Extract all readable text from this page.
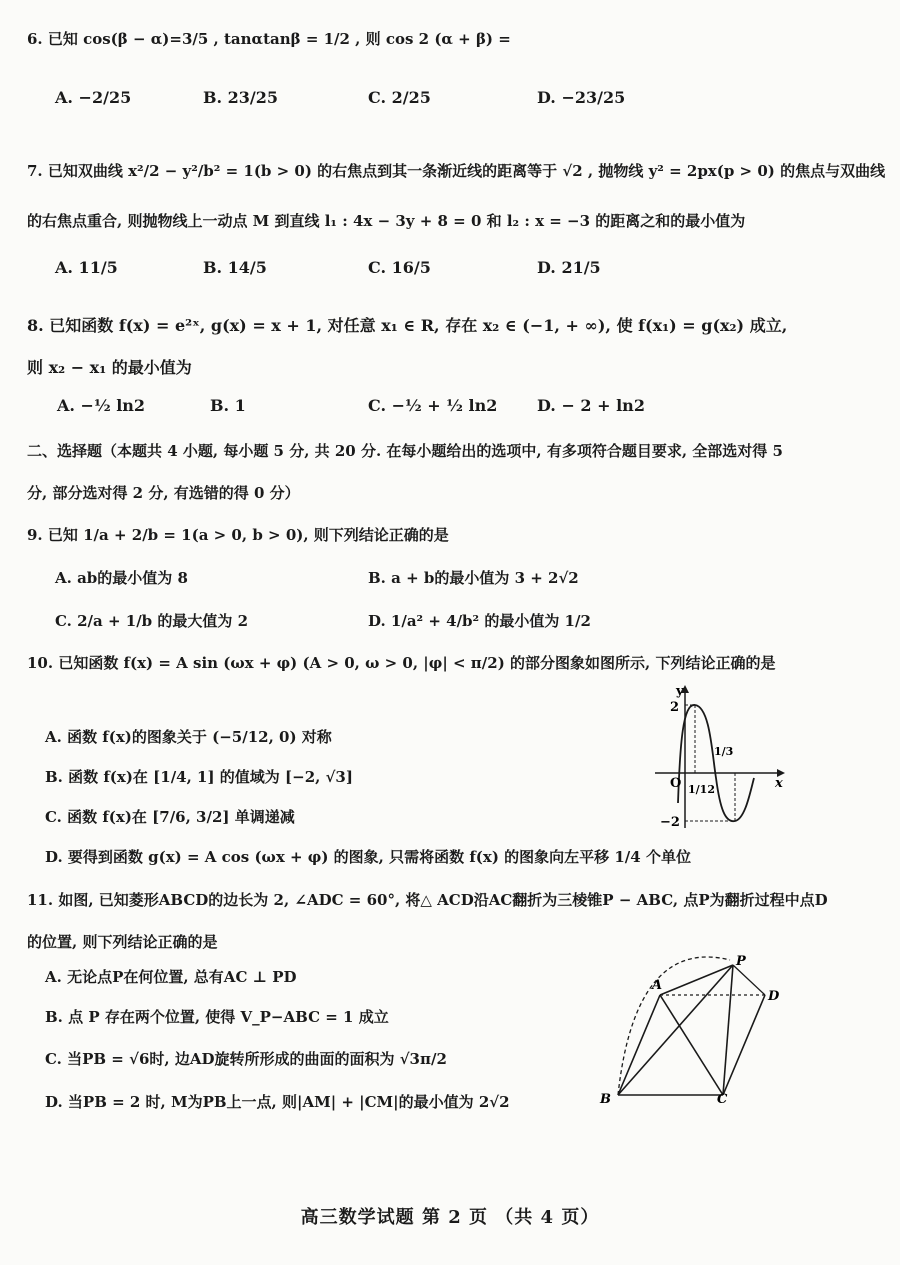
6. 已知 cos(β − α)=3/5 , tanαtanβ = 1/2 , 则 cos 2 (α + β) =
A. −2/25	B. 23/25	C. 2/25	D. −23/25
7. 已知双曲线 x²/2 − y²/b² = 1(b > 0) 的右焦点到其一条渐近线的距离等于 √2 , 抛物线 y² = 2px(p > 0) 的焦点与双曲线
的右焦点重合, 则抛物线上一动点 M 到直线 l₁ : 4x − 3y + 8 = 0 和 l₂ : x = −3 的距离之和的最小值为
A. 11/5	B. 14/5	C. 16/5	D. 21/5
8. 已知函数 f(x) = e²ˣ, g(x) = x + 1, 对任意 x₁ ∈ R, 存在 x₂ ∈ (−1, + ∞), 使 f(x₁) = g(x₂) 成立,
则 x₂ − x₁ 的最小值为
A. −½ ln2	B. 1	C. −½ + ½ ln2 D. − 2 + ln2
二、选择题（本题共 4 小题, 每小题 5 分, 共 20 分. 在每小题给出的选项中, 有多项符合题目要求, 全部选对得 5
分, 部分选对得 2 分, 有选错的得 0 分）
9. 已知 1/a + 2/b = 1(a > 0, b > 0), 则下列结论正确的是
A. ab的最小值为 8	B. a + b的最小值为 3 + 2√2
C. 2/a + 1/b 的最大值为 2	D. 1/a² + 4/b² 的最小值为 1/2
10. 已知函数 f(x) = A sin (ωx + φ) (A > 0, ω > 0, |φ| < π/2) 的部分图象如图所示, 下列结论正确的是
A. 函数 f(x)的图象关于 (−5/12, 0) 对称
B. 函数 f(x)在 [1/4, 1] 的值域为 [−2, √3]
C. 函数 f(x)在 [7/6, 3/2] 单调递减
D. 要得到函数 g(x) = A cos (ωx + φ) 的图象, 只需将函数 f(x) 的图象向左平移 1/4 个单位
y
x
O
2
−2
1/12
1/3
11. 如图, 已知菱形ABCD的边长为 2, ∠ADC = 60°, 将△ ACD沿AC翻折为三棱锥P − ABC, 点P为翻折过程中点D
的位置, 则下列结论正确的是
A. 无论点P在何位置, 总有AC ⊥ PD
B. 点 P 存在两个位置, 使得 V_P−ABC = 1 成立
C. 当PB = √6时, 边AD旋转所形成的曲面的面积为 √3π/2
D. 当PB = 2 时, M为PB上一点, 则|AM| + |CM|的最小值为 2√2
A
B	C
D
P
高三数学试题 第 2 页 （共 4 页）
